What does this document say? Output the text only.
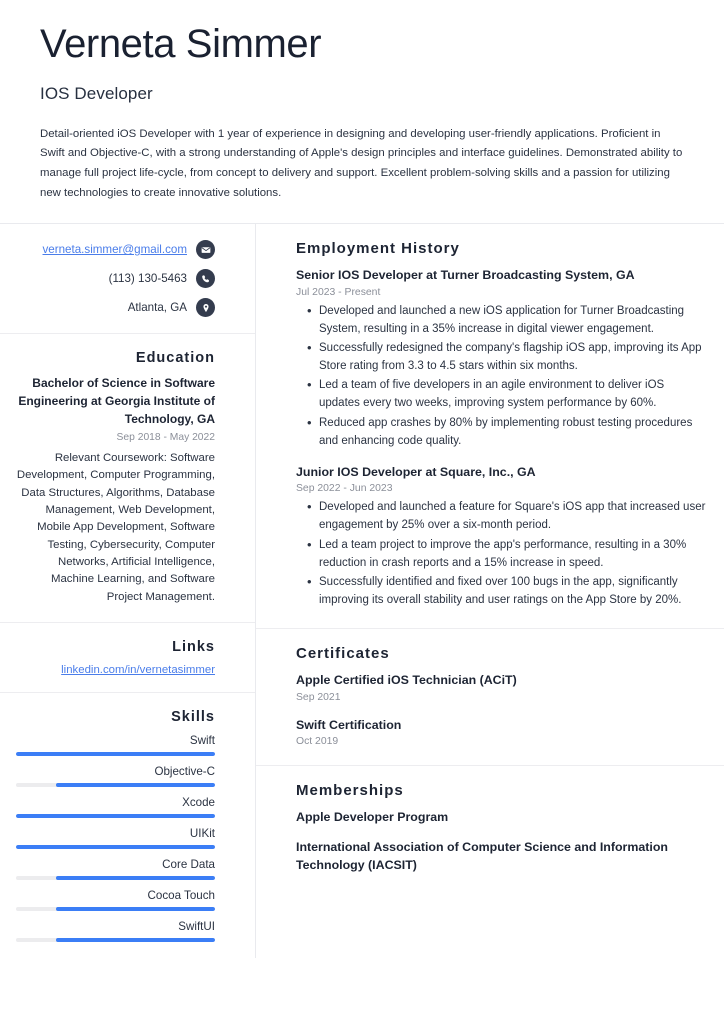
Verneta Simmer
IOS Developer
Detail-oriented iOS Developer with 1 year of experience in designing and developing user-friendly applications. Proficient in Swift and Objective-C, with a strong understanding of Apple's design principles and interface guidelines. Demonstrated ability to manage full project life-cycle, from concept to delivery and support. Excellent problem-solving skills and a passion for utilizing new technologies to create innovative solutions.
verneta.simmer@gmail.com
(113) 130-5463
Atlanta, GA
Education
Bachelor of Science in Software Engineering at Georgia Institute of Technology, GA
Sep 2018 - May 2022
Relevant Coursework: Software Development, Computer Programming, Data Structures, Algorithms, Database Management, Web Development, Mobile App Development, Software Testing, Cybersecurity, Computer Networks, Artificial Intelligence, Machine Learning, and Software Project Management.
Links
linkedin.com/in/vernetasimmer
Skills
Swift
Objective-C
Xcode
UIKit
Core Data
Cocoa Touch
SwiftUI
Employment History
Senior IOS Developer at Turner Broadcasting System, GA
Jul 2023 - Present
• Developed and launched a new iOS application for Turner Broadcasting System, resulting in a 35% increase in digital viewer engagement.
• Successfully redesigned the company's flagship iOS app, improving its App Store rating from 3.3 to 4.5 stars within six months.
• Led a team of five developers in an agile environment to deliver iOS updates every two weeks, improving system performance by 60%.
• Reduced app crashes by 80% by implementing robust testing procedures and enhancing code quality.
Junior IOS Developer at Square, Inc., GA
Sep 2022 - Jun 2023
• Developed and launched a feature for Square's iOS app that increased user engagement by 25% over a six-month period.
• Led a team project to improve the app's performance, resulting in a 30% reduction in crash reports and a 15% increase in speed.
• Successfully identified and fixed over 100 bugs in the app, significantly improving its overall stability and user ratings on the App Store by 20%.
Certificates
Apple Certified iOS Technician (ACiT)
Sep 2021
Swift Certification
Oct 2019
Memberships
Apple Developer Program
International Association of Computer Science and Information Technology (IACSIT)
